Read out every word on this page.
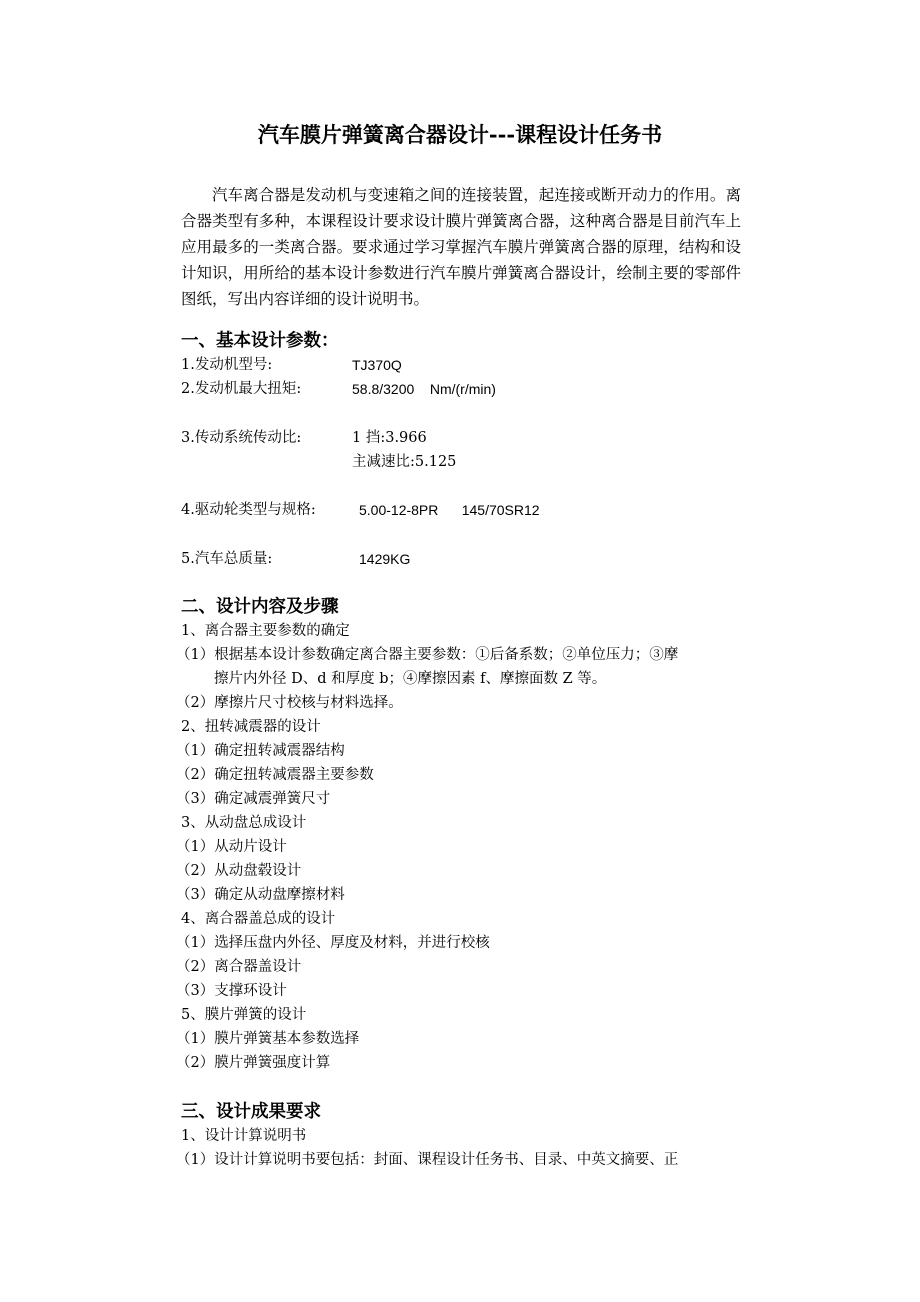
汽车膜片弹簧离合器设计---课程设计任务书
汽车离合器是发动机与变速箱之间的连接装置，起连接或断开动力的作用。离合器类型有多种，本课程设计要求设计膜片弹簧离合器，这种离合器是目前汽车上应用最多的一类离合器。要求通过学习掌握汽车膜片弹簧离合器的原理，结构和设计知识，用所给的基本设计参数进行汽车膜片弹簧离合器设计，绘制主要的零部件图纸，写出内容详细的设计说明书。
一、基本设计参数：
1.发动机型号:	TJ370Q
2.发动机最大扭矩:	58.8/3200    Nm/(r/min)
3.传动系统传动比:	1 挡:3.966
主减速比:5.125
4.驱动轮类型与规格:	5.00-12-8PR      145/70SR12
5.汽车总质量:	1429KG
二、设计内容及步骤
1、离合器主要参数的确定
（1）根据基本设计参数确定离合器主要参数：①后备系数；②单位压力；③摩
擦片内外径 D、d 和厚度 b；④摩擦因素 f、摩擦面数 Z 等。
（2）摩擦片尺寸校核与材料选择。
2、扭转减震器的设计
（1）确定扭转减震器结构
（2）确定扭转减震器主要参数
（3）确定减震弹簧尺寸
3、从动盘总成设计
（1）从动片设计
（2）从动盘毂设计
（3）确定从动盘摩擦材料
4、离合器盖总成的设计
（1）选择压盘内外径、厚度及材料，并进行校核
（2）离合器盖设计
（3）支撑环设计
5、膜片弹簧的设计
（1）膜片弹簧基本参数选择
（2）膜片弹簧强度计算
三、设计成果要求
1、设计计算说明书
（1）设计计算说明书要包括：封面、课程设计任务书、目录、中英文摘要、正
